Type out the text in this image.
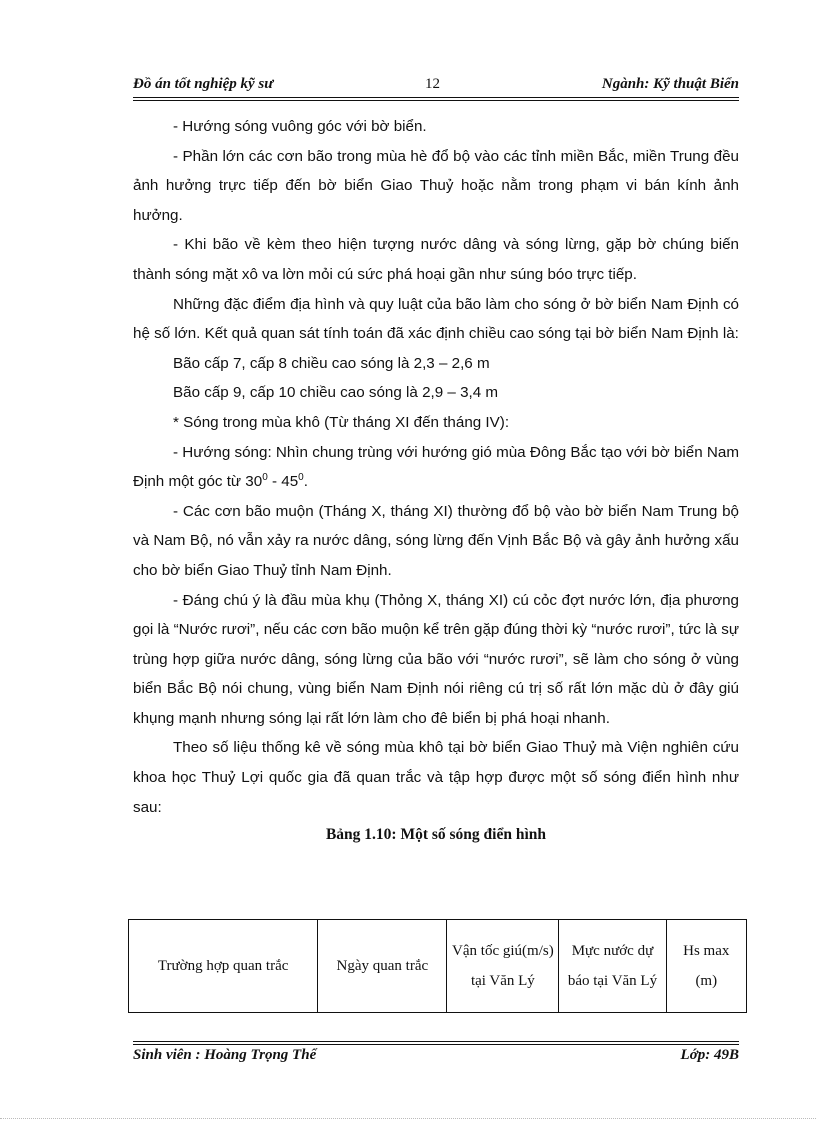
Đồ án tốt nghiệp kỹ sư	12	Ngành: Kỹ thuật Biển

- Hướng sóng vuông góc với bờ biển.

- Phần lớn các cơn bão trong mùa hè đổ bộ vào các tỉnh miền Bắc, miền Trung đều ảnh hưởng trực tiếp đến bờ biển Giao Thuỷ hoặc nằm trong phạm vi bán kính ảnh hưởng.

- Khi bão về kèm theo hiện tượng nước dâng và sóng lừng, gặp bờ chúng biến thành sóng mặt xô va lờn mỏi cú sức phá hoại gần như súng bóo trực tiếp.

Những đặc điểm địa hình và quy luật của bão làm cho sóng ở bờ biển Nam Định có hệ số lớn. Kết quả quan sát tính toán đã xác định chiều cao sóng tại bờ biển Nam Định là:

Bão cấp 7, cấp 8 chiều cao sóng là 2,3 – 2,6 m

Bão cấp 9, cấp 10 chiều cao sóng là 2,9 – 3,4 m

* Sóng trong mùa khô (Từ tháng XI đến tháng IV):

- Hướng sóng: Nhìn chung trùng với hướng gió mùa Đông Bắc tạo với bờ biển Nam Định một góc từ $30^0 - 45^0$.

- Các cơn bão muộn (Tháng X, tháng XI) thường đổ bộ vào bờ biển Nam Trung bộ và Nam Bộ, nó vẫn xảy ra nước dâng, sóng lừng đến Vịnh Bắc Bộ và gây ảnh hưởng xấu cho bờ biển Giao Thuỷ tỉnh Nam Định.

- Đáng chú ý là đầu mùa khụ (Thỏng X, tháng XI) cú cỏc đợt nước lớn, địa phương gọi là “Nước rươi”, nếu các cơn bão muộn kể trên gặp đúng thời kỳ “nước rươi”, tức là sự trùng hợp giữa nước dâng, sóng lừng của bão với “nước rươi”, sẽ làm cho sóng ở vùng biển Bắc Bộ nói chung, vùng biển Nam Định nói riêng cú trị số rất lớn mặc dù ở đây giú khụng mạnh nhưng sóng lại rất lớn làm cho đê biển bị phá hoại nhanh.

Theo số liệu thống kê về sóng mùa khô tại bờ biển Giao Thuỷ mà Viện nghiên cứu khoa học Thuỷ Lợi quốc gia đã quan trắc và tập hợp được một số sóng điển hình như sau:

Bảng 1.10: Một số sóng điển hình
Trường hợp quan trắc	Ngày quan trắc	Vận tốc giú(m/s) tại Văn Lý	Mực nước dự báo tại Văn Lý	Hs max (m)
Sinh viên : Hoàng Trọng Thể	Lớp: 49B
